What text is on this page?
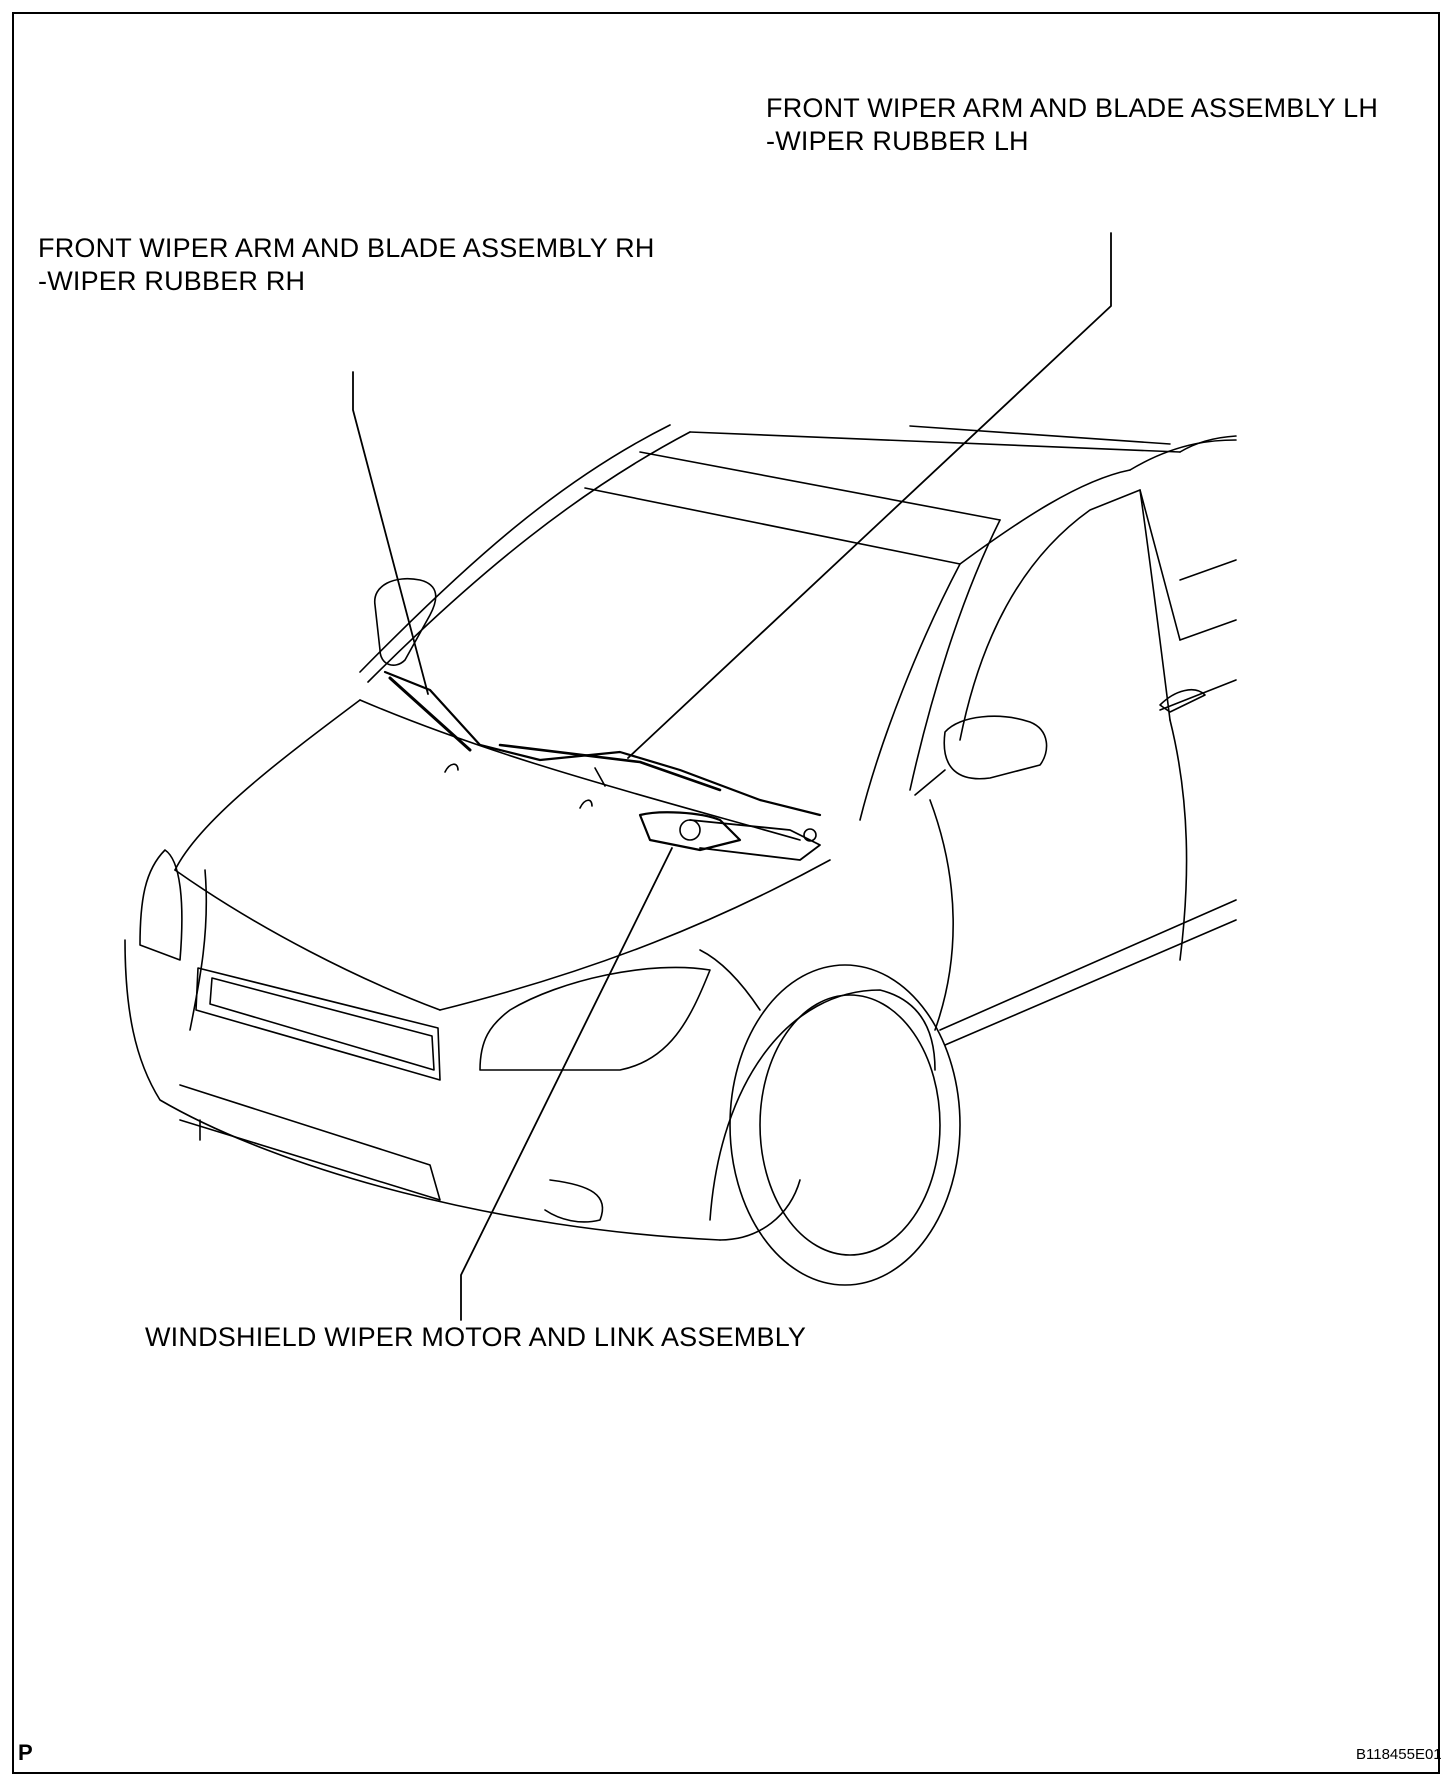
FRONT WIPER ARM AND BLADE ASSEMBLY LH
-WIPER RUBBER LH
FRONT WIPER ARM AND BLADE ASSEMBLY RH
-WIPER RUBBER RH
WINDSHIELD WIPER MOTOR AND LINK ASSEMBLY
P	B118455E01
